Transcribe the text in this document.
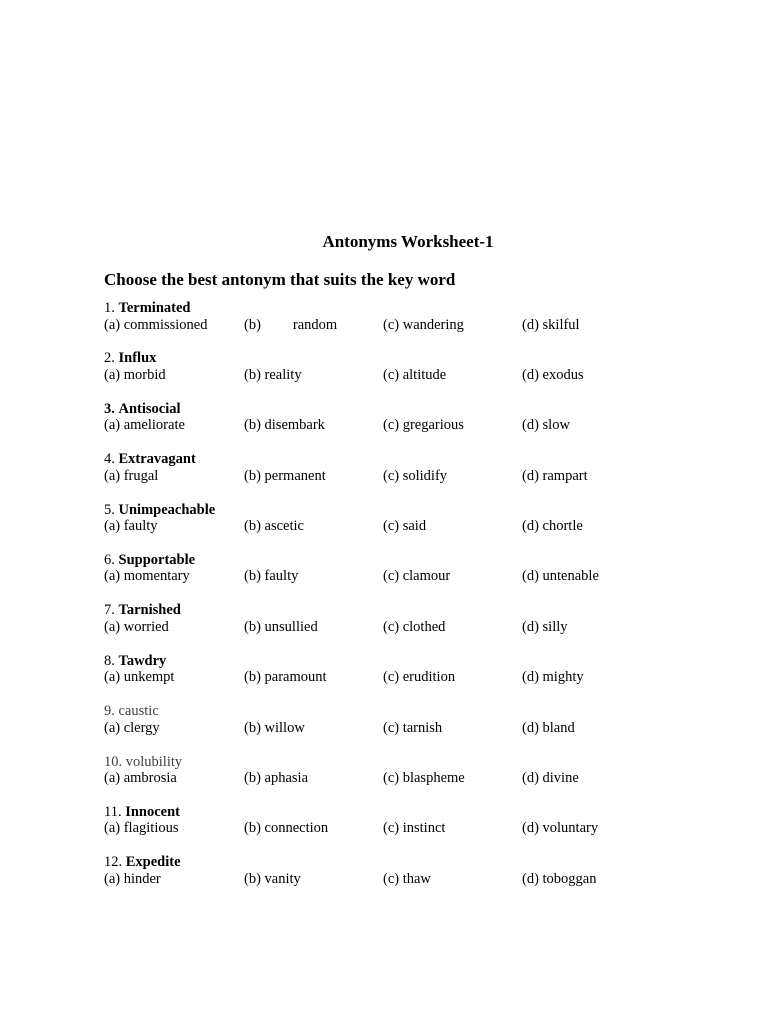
Antonyms Worksheet-1

Choose the best antonym that suits the key word

1. Terminated
(a) commissioned	(b) random	(c) wandering	(d) skilful
2. Influx
(a) morbid	(b) reality	(c) altitude	(d) exodus
3. Antisocial
(a) ameliorate	(b) disembark	(c) gregarious	(d) slow
4. Extravagant
(a) frugal	(b) permanent	(c) solidify	(d) rampart
5. Unimpeachable
(a) faulty	(b) ascetic	(c) said	(d) chortle
6. Supportable
(a) momentary	(b) faulty	(c) clamour	(d) untenable
7. Tarnished
(a) worried	(b) unsullied	(c) clothed	(d) silly
8. Tawdry
(a) unkempt	(b) paramount	(c) erudition	(d) mighty
9. caustic
(a) clergy	(b) willow	(c) tarnish	(d) bland
10. volubility
(a) ambrosia	(b) aphasia	(c) blaspheme	(d) divine
11. Innocent
(a) flagitious	(b) connection	(c) instinct	(d) voluntary
12. Expedite
(a) hinder	(b) vanity	(c) thaw	(d) toboggan
